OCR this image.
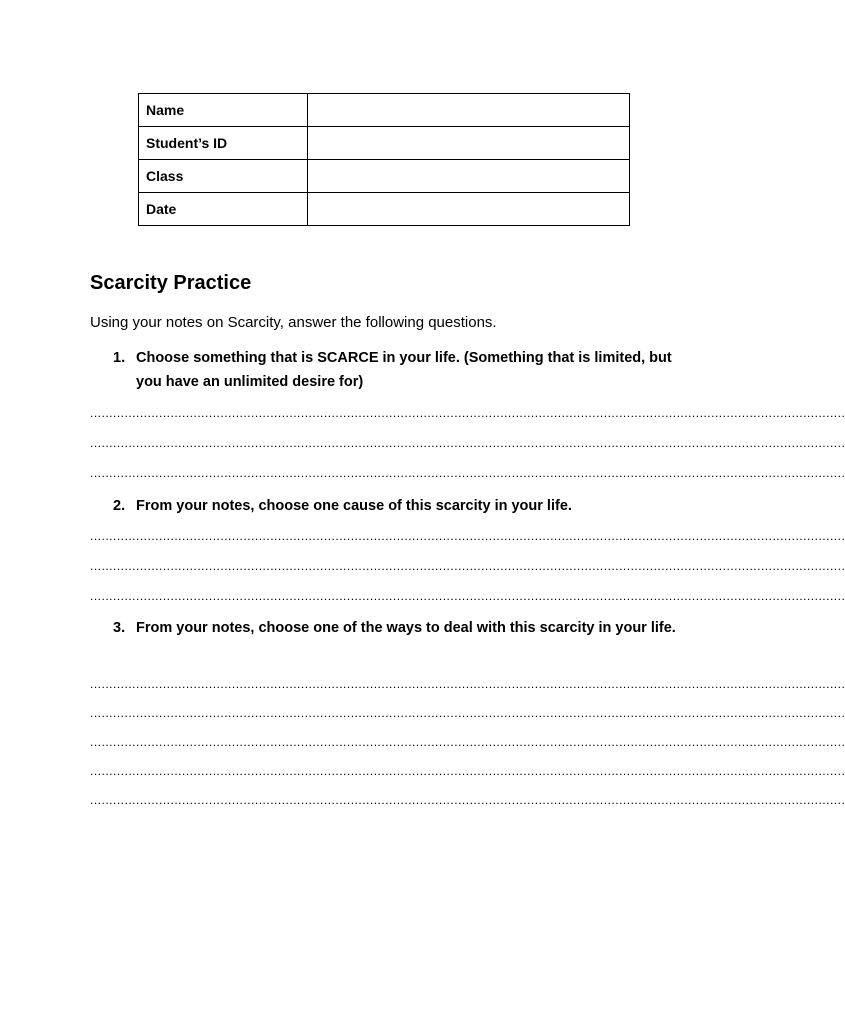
Name	
Student’s ID	
Class	
Date	
Scarcity Practice

Using your notes on Scarcity, answer the following questions.

1. Choose something that is SCARCE in your life. (Something that is limited, but you have an unlimited desire for)
.....................................................................................................................................................................................................
.....................................................................................................................................................................................................
.....................................................................................................................................................................................................
2. From your notes, choose one cause of this scarcity in your life.
.....................................................................................................................................................................................................
.....................................................................................................................................................................................................
.....................................................................................................................................................................................................
3. From your notes, choose one of the ways to deal with this scarcity in your life.
.....................................................................................................................................................................................................
.....................................................................................................................................................................................................
.....................................................................................................................................................................................................
.....................................................................................................................................................................................................
.....................................................................................................................................................................................................
